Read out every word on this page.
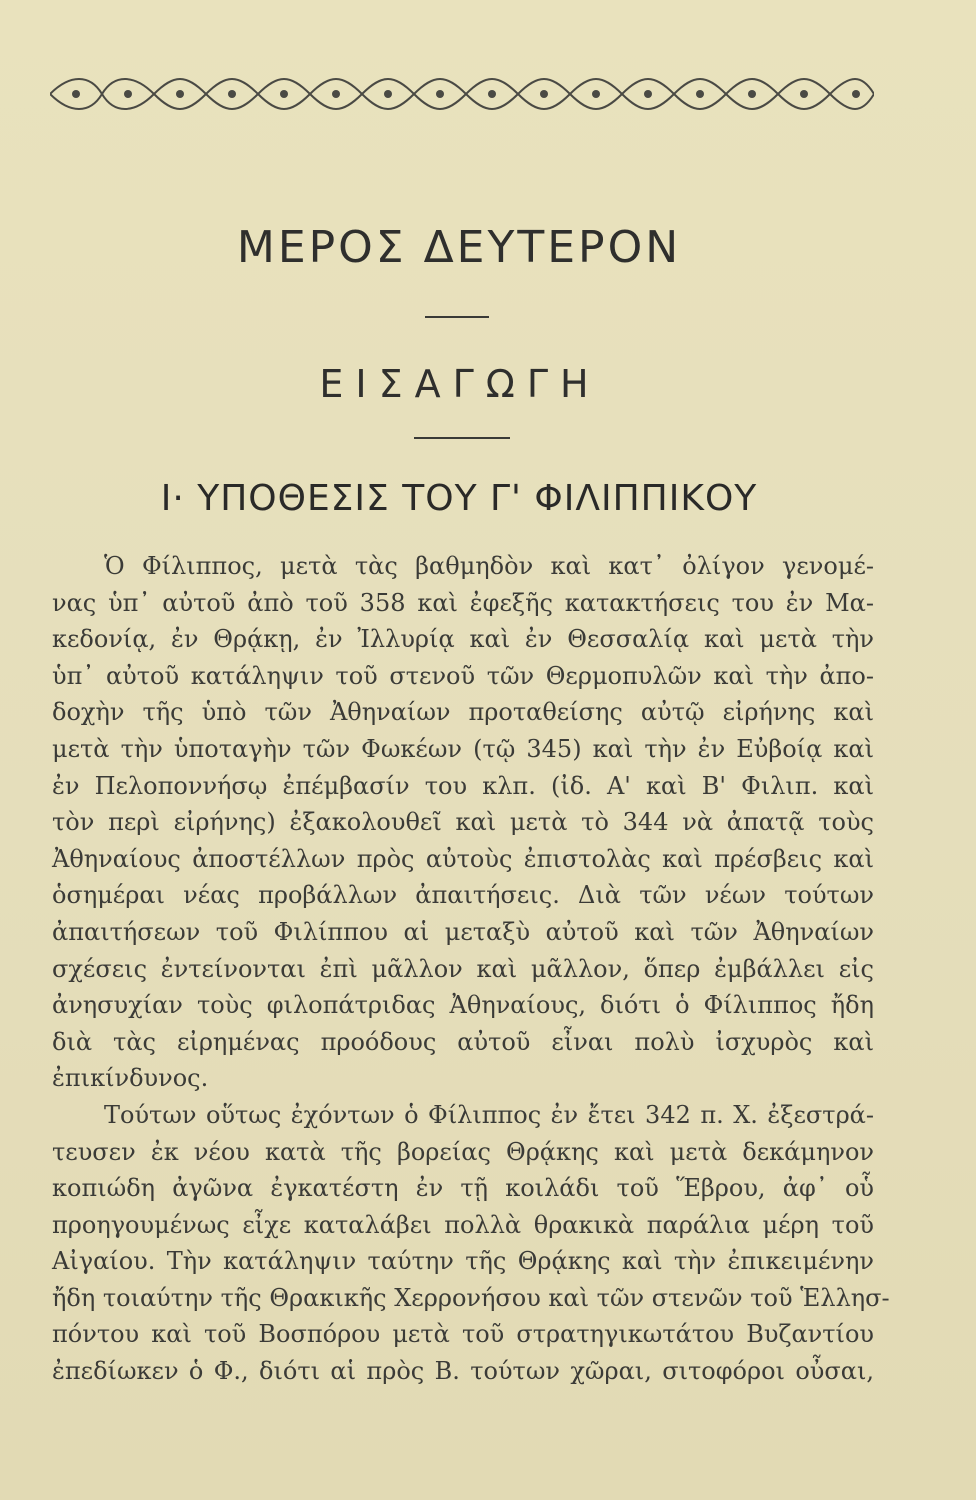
ΜΕΡΟΣ ΔΕΥΤΕΡΟΝ
ΕΙΣΑΓΩΓΗ
Ι· ΥΠΟΘΕΣΙΣ ΤΟΥ Γ' ΦΙΛΙΠΠΙΚΟΥ
Ὁ Φίλιππος, μετὰ τὰς βαθμηδὸν καὶ κατ᾽ ὀλίγον γενομέ-
νας ὑπ᾽ αὐτοῦ ἀπὸ τοῦ 358 καὶ ἐφεξῆς κατακτήσεις του ἐν Μα-
κεδονίᾳ, ἐν Θρᾴκῃ, ἐν Ἰλλυρίᾳ καὶ ἐν Θεσσαλίᾳ καὶ μετὰ τὴν
ὑπ᾽ αὐτοῦ κατάληψιν τοῦ στενοῦ τῶν Θερμοπυλῶν καὶ τὴν ἀπο-
δοχὴν τῆς ὑπὸ τῶν Ἀθηναίων προταθείσης αὐτῷ εἰρήνης καὶ
μετὰ τὴν ὑποταγὴν τῶν Φωκέων (τῷ 345) καὶ τὴν ἐν Εὐβοίᾳ καὶ
ἐν Πελοποννήσῳ ἐπέμβασίν του κλπ. (ἰδ. Α' καὶ Β' Φιλιπ. καὶ
τὸν περὶ εἰρήνης) ἐξακολουθεῖ καὶ μετὰ τὸ 344 νὰ ἀπατᾷ τοὺς
Ἀθηναίους ἀποστέλλων πρὸς αὐτοὺς ἐπιστολὰς καὶ πρέσβεις καὶ
ὁσημέραι νέας προβάλλων ἀπαιτήσεις. Διὰ τῶν νέων τούτων
ἀπαιτήσεων τοῦ Φιλίππου αἱ μεταξὺ αὐτοῦ καὶ τῶν Ἀθηναίων
σχέσεις ἐντείνονται ἐπὶ μᾶλλον καὶ μᾶλλον, ὅπερ ἐμβάλλει εἰς
ἀνησυχίαν τοὺς φιλοπάτριδας Ἀθηναίους, διότι ὁ Φίλιππος ἤδη
διὰ τὰς εἰρημένας προόδους αὐτοῦ εἶναι πολὺ ἰσχυρὸς καὶ
ἐπικίνδυνος.
Τούτων οὕτως ἐχόντων ὁ Φίλιππος ἐν ἔτει 342 π. Χ. ἐξεστρά-
τευσεν ἐκ νέου κατὰ τῆς βορείας Θρᾴκης καὶ μετὰ δεκάμηνον
κοπιώδη ἀγῶνα ἐγκατέστη ἐν τῇ κοιλάδι τοῦ Ἕβρου, ἀφ᾽ οὗ
προηγουμένως εἶχε καταλάβει πολλὰ θρακικὰ παράλια μέρη τοῦ
Αἰγαίου. Τὴν κατάληψιν ταύτην τῆς Θρᾴκης καὶ τὴν ἐπικειμένην
ἤδη τοιαύτην τῆς Θρακικῆς Χερρονήσου καὶ τῶν στενῶν τοῦ Ἑλλησ-
πόντου καὶ τοῦ Βοσπόρου μετὰ τοῦ στρατηγικωτάτου Βυζαντίου
ἐπεδίωκεν ὁ Φ., διότι αἱ πρὸς Β. τούτων χῶραι, σιτοφόροι οὖσαι,
